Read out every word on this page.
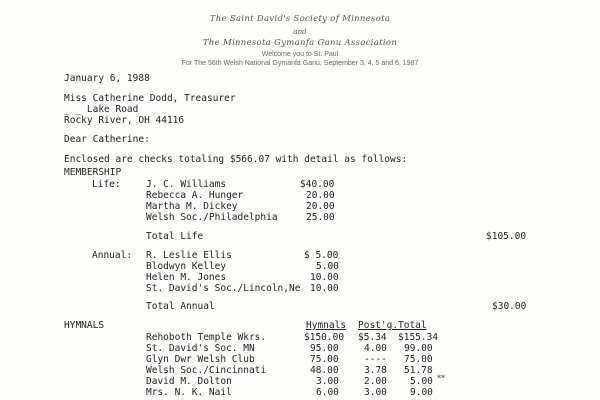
The Saint David's Society of Minnesota
and
The Minnesota Gymanfa Ganu Association
Welcome you to St. Paul
For The 56th Welsh National Gymanfa Ganu, September 3, 4, 5 and 6, 1987
January 6, 1988
Miss Catherine Dodd, Treasurer
_ _ Lake Road
Rocky River, OH 44116
Dear Catherine:
Enclosed are checks totaling $566.07 with detail as follows:
MEMBERSHIP
Life:	J. C. Williams	$40.00
Rebecca A. Hunger	20.00
Martha M. Dickey	20.00
Welsh Soc./Philadelphia	25.00
Total Life	$105.00
Annual: R. Leslie Ellis	$ 5.00
Blodwyn Kelley	5.00
Helen M. Jones	10.00
St. David's Soc./Lincoln,Ne 10.00
Total Annual	$30.00
HYMNALS	Hymnals Post'g. Total
Rehoboth Temple Wkrs.	$150.00 $5.34 $155.34
St. David's Soc. MN	95.00	4.00 99.00
Glyn Dwr Welsh Club	75.00	---- 75.00
Welsh Soc./Cincinnati	48.00	3.78 51.78
David M. Dolton	3.00	2.00 5.00 **
Mrs. N. K. Nail	6.00	3.00 9.00
